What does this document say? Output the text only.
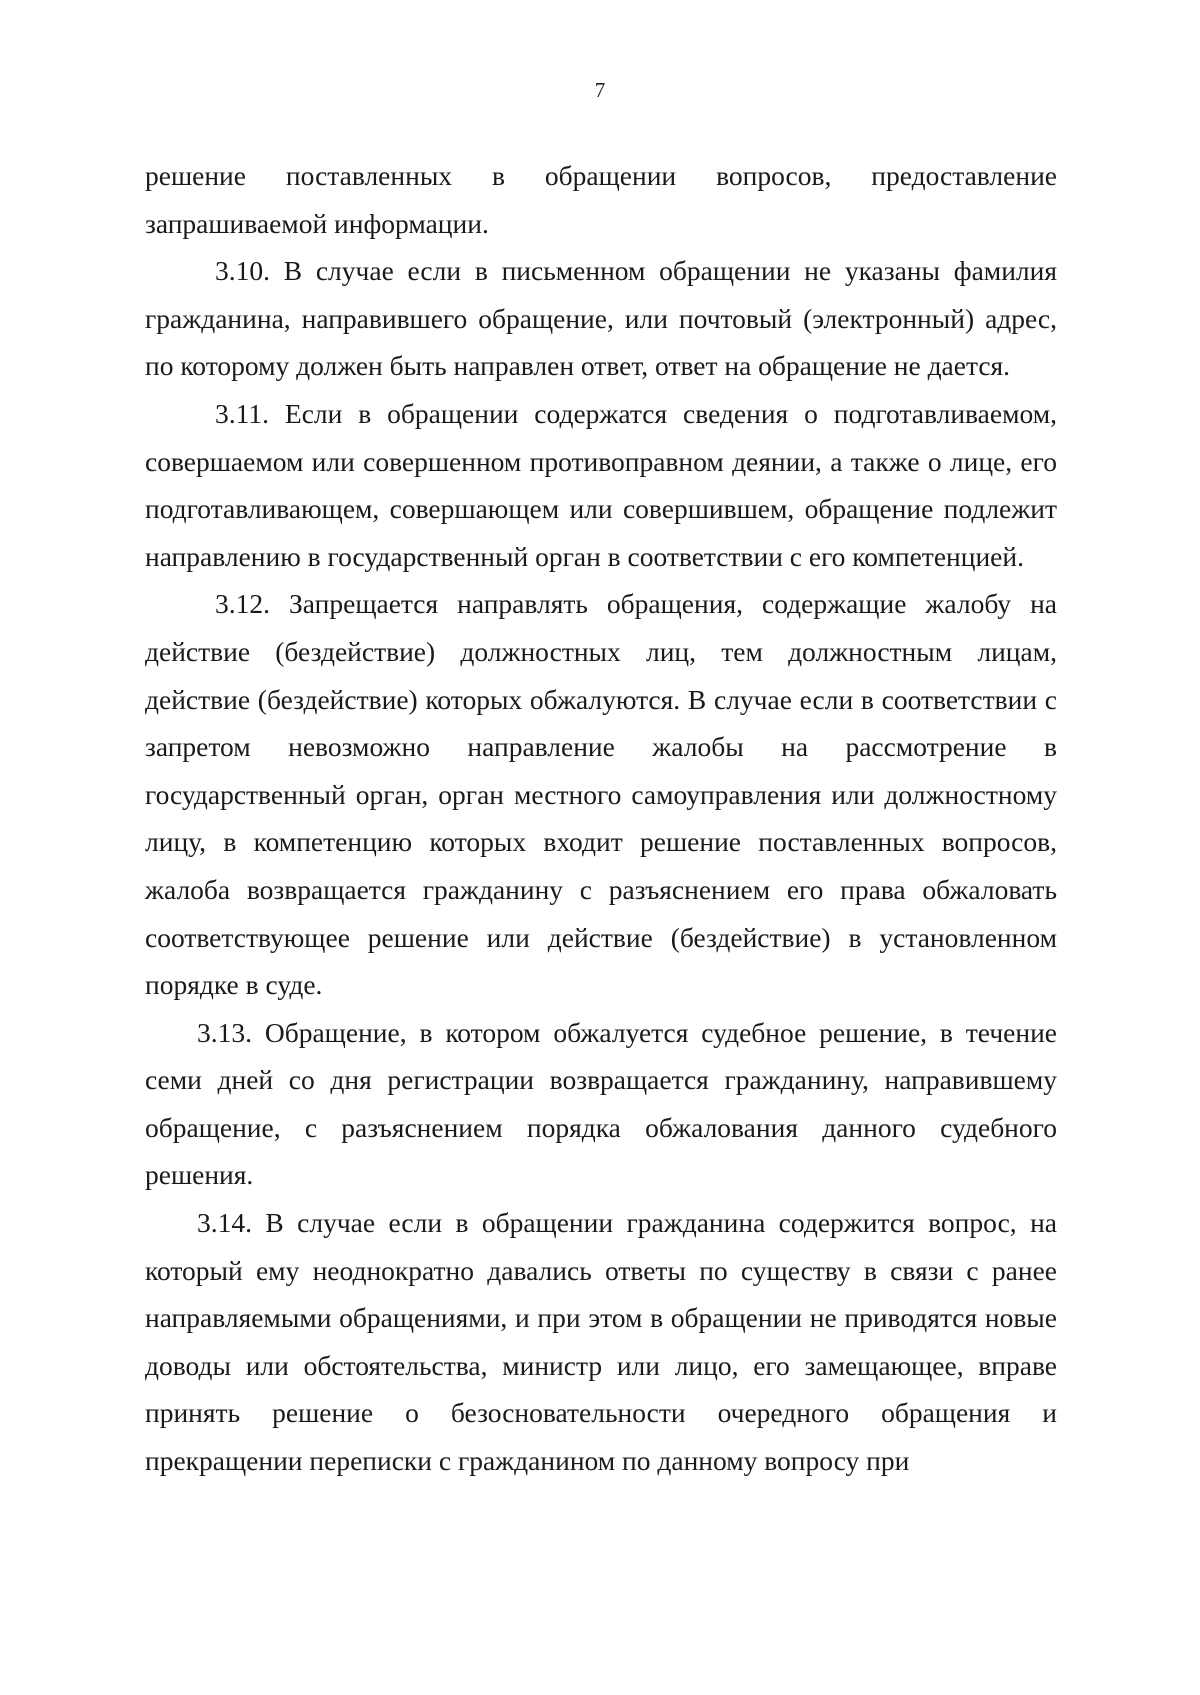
7

решение поставленных в обращении вопросов, предоставление запрашиваемой информации.

3.10. В случае если в письменном обращении не указаны фамилия гражданина, направившего обращение, или почтовый (электронный) адрес, по которому должен быть направлен ответ, ответ на обращение не дается.

3.11. Если в обращении содержатся сведения о подготавливаемом, совершаемом или совершенном противоправном деянии, а также о лице, его подготавливающем, совершающем или совершившем, обращение подлежит направлению в государственный орган в соответствии с его компетенцией.

3.12. Запрещается направлять обращения, содержащие жалобу на действие (бездействие) должностных лиц, тем должностным лицам, действие (бездействие) которых обжалуются. В случае если в соответствии с запретом невозможно направление жалобы на рассмотрение в государственный орган, орган местного самоуправления или должностному лицу, в компетенцию которых входит решение поставленных вопросов, жалоба возвращается гражданину с разъяснением его права обжаловать соответствующее решение или действие (бездействие) в установленном порядке в суде.

3.13. Обращение, в котором обжалуется судебное решение, в течение семи дней со дня регистрации возвращается гражданину, направившему обращение, с разъяснением порядка обжалования данного судебного решения.

3.14. В случае если в обращении гражданина содержится вопрос, на который ему неоднократно давались ответы по существу в связи с ранее направляемыми обращениями, и при этом в обращении не приводятся новые доводы или обстоятельства, министр или лицо, его замещающее, вправе принять решение о безосновательности очередного обращения и прекращении переписки с гражданином по данному вопросу при
